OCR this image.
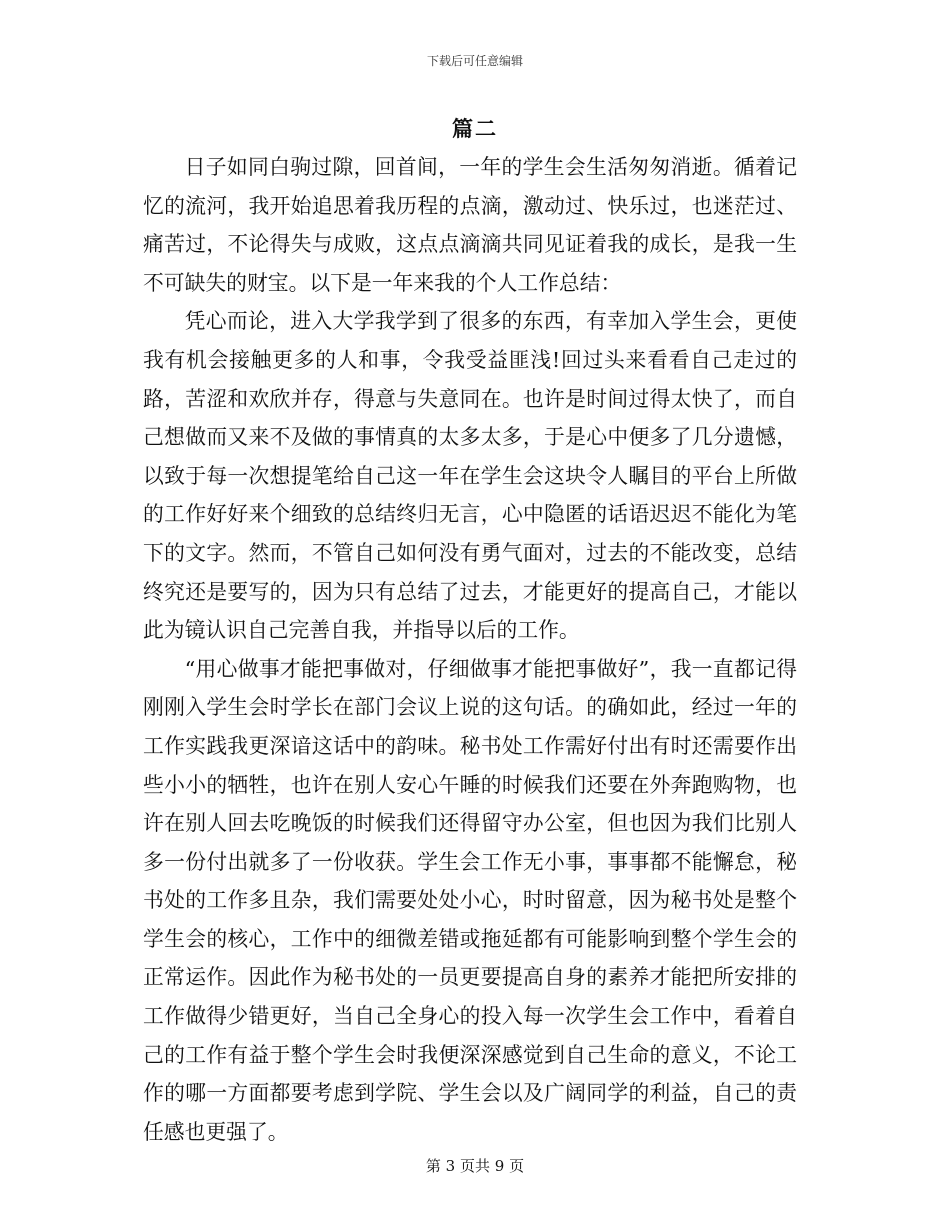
下载后可任意编辑
篇二

日子如同白驹过隙，回首间，一年的学生会生活匆匆消逝。循着记忆的流河，我开始追思着我历程的点滴，激动过、快乐过，也迷茫过、痛苦过，不论得失与成败，这点点滴滴共同见证着我的成长，是我一生不可缺失的财宝。以下是一年来我的个人工作总结：

凭心而论，进入大学我学到了很多的东西，有幸加入学生会，更使我有机会接触更多的人和事，令我受益匪浅!回过头来看看自己走过的路，苦涩和欢欣并存，得意与失意同在。也许是时间过得太快了，而自己想做而又来不及做的事情真的太多太多，于是心中便多了几分遗憾，以致于每一次想提笔给自己这一年在学生会这块令人瞩目的平台上所做的工作好好来个细致的总结终归无言，心中隐匿的话语迟迟不能化为笔下的文字。然而，不管自己如何没有勇气面对，过去的不能改变，总结终究还是要写的，因为只有总结了过去，才能更好的提高自己，才能以此为镜认识自己完善自我，并指导以后的工作。

“用心做事才能把事做对，仔细做事才能把事做好”，我一直都记得刚刚入学生会时学长在部门会议上说的这句话。的确如此，经过一年的工作实践我更深谙这话中的韵味。秘书处工作需好付出有时还需要作出些小小的牺牲，也许在别人安心午睡的时候我们还要在外奔跑购物，也许在别人回去吃晚饭的时候我们还得留守办公室，但也因为我们比别人多一份付出就多了一份收获。学生会工作无小事，事事都不能懈怠，秘书处的工作多且杂，我们需要处处小心，时时留意，因为秘书处是整个学生会的核心，工作中的细微差错或拖延都有可能影响到整个学生会的正常运作。因此作为秘书处的一员更要提高自身的素养才能把所安排的工作做得少错更好，当自己全身心的投入每一次学生会工作中，看着自己的工作有益于整个学生会时我便深深感觉到自己生命的意义，不论工作的哪一方面都要考虑到学院、学生会以及广阔同学的利益，自己的责任感也更强了。

第 3 页共 9 页
